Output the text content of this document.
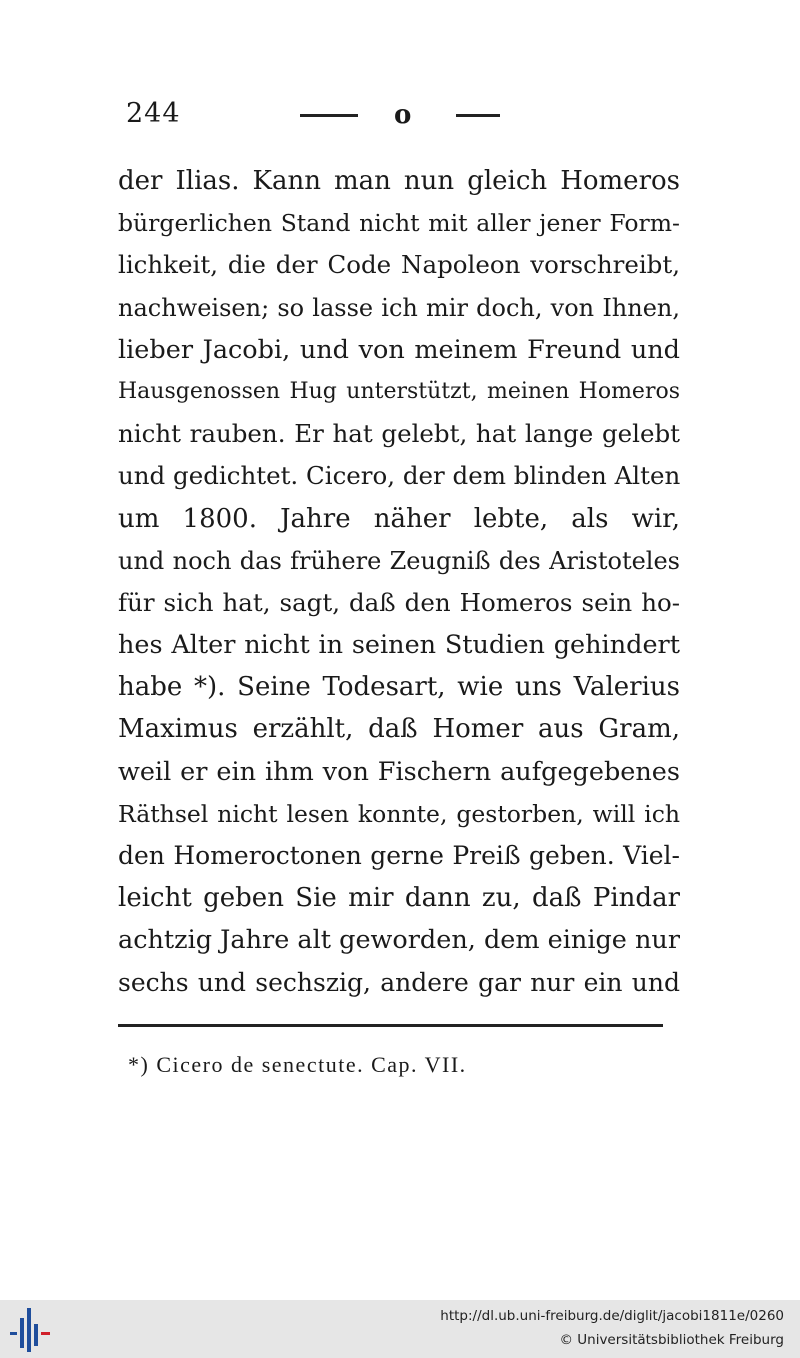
244	o
der Ilias. Kann man nun gleich Homeros
bürgerlichen Stand nicht mit aller jener Form-
lichkeit, die der Code Napoleon vorschreibt,
nachweisen; so lasse ich mir doch, von Ihnen,
lieber Jacobi, und von meinem Freund und
Hausgenossen Hug unterstützt, meinen Homeros
nicht rauben. Er hat gelebt, hat lange gelebt
und gedichtet. Cicero, der dem blinden Alten
um 1800. Jahre näher lebte, als wir,
und noch das frühere Zeugniß des Aristoteles
für sich hat, sagt, daß den Homeros sein ho-
hes Alter nicht in seinen Studien gehindert
habe *). Seine Todesart, wie uns Valerius
Maximus erzählt, daß Homer aus Gram,
weil er ein ihm von Fischern aufgegebenes
Räthsel nicht lesen konnte, gestorben, will ich
den Homeroctonen gerne Preiß geben. Viel-
leicht geben Sie mir dann zu, daß Pindar
achtzig Jahre alt geworden, dem einige nur
sechs und sechszig, andere gar nur ein und
*) Cicero de senectute. Cap. VII.
http://dl.ub.uni-freiburg.de/diglit/jacobi1811e/0260
© Universitätsbibliothek Freiburg
